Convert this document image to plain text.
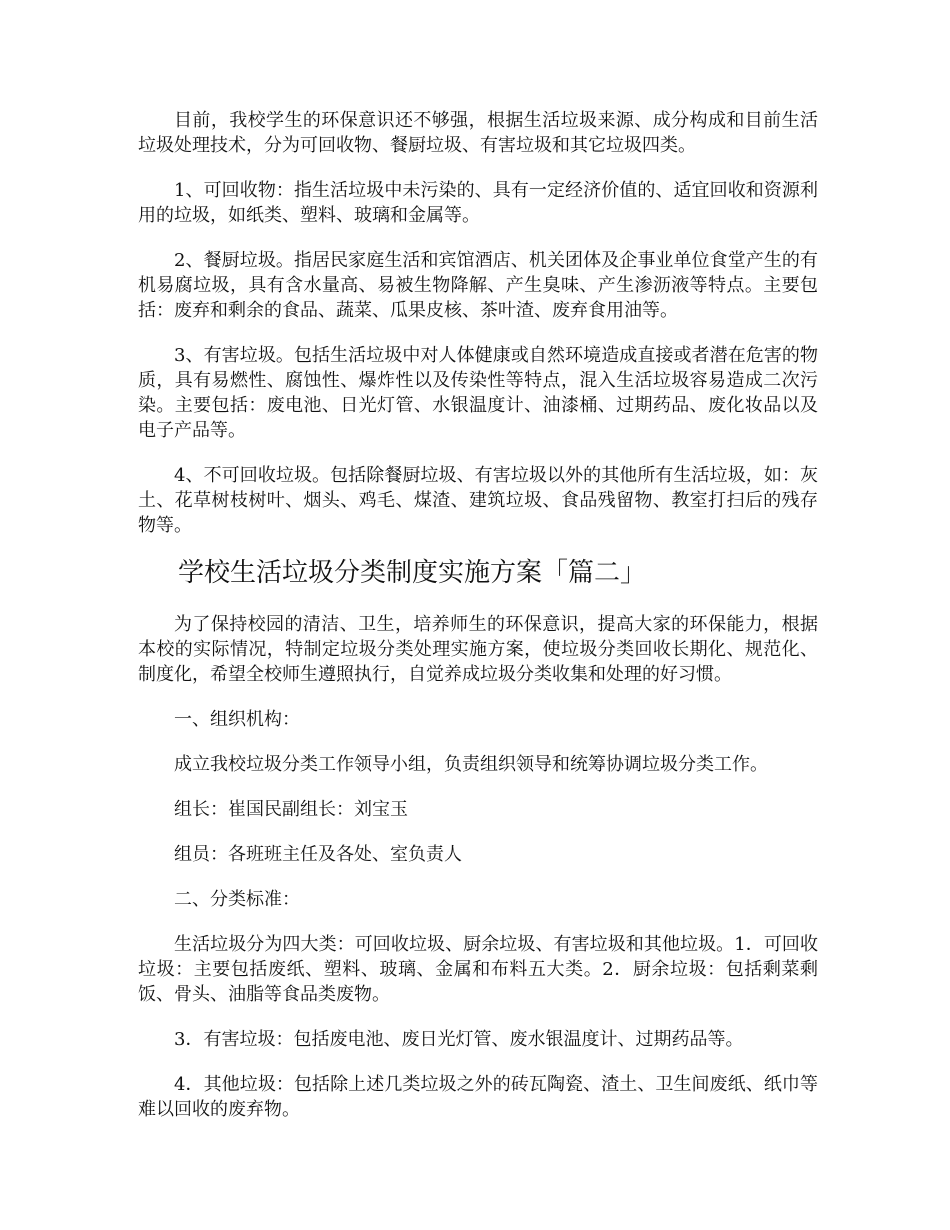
目前，我校学生的环保意识还不够强，根据生活垃圾来源、成分构成和目前生活垃圾处理技术，分为可回收物、餐厨垃圾、有害垃圾和其它垃圾四类。

1、可回收物：指生活垃圾中未污染的、具有一定经济价值的、适宜回收和资源利用的垃圾，如纸类、塑料、玻璃和金属等。

2、餐厨垃圾。指居民家庭生活和宾馆酒店、机关团体及企事业单位食堂产生的有机易腐垃圾，具有含水量高、易被生物降解、产生臭味、产生渗沥液等特点。主要包括：废弃和剩余的食品、蔬菜、瓜果皮核、茶叶渣、废弃食用油等。

3、有害垃圾。包括生活垃圾中对人体健康或自然环境造成直接或者潜在危害的物质，具有易燃性、腐蚀性、爆炸性以及传染性等特点，混入生活垃圾容易造成二次污染。主要包括：废电池、日光灯管、水银温度计、油漆桶、过期药品、废化妆品以及电子产品等。

4、不可回收垃圾。包括除餐厨垃圾、有害垃圾以外的其他所有生活垃圾，如：灰土、花草树枝树叶、烟头、鸡毛、煤渣、建筑垃圾、食品残留物、教室打扫后的残存物等。

学校生活垃圾分类制度实施方案「篇二」

为了保持校园的清洁、卫生，培养师生的环保意识，提高大家的环保能力，根据本校的实际情况，特制定垃圾分类处理实施方案，使垃圾分类回收长期化、规范化、制度化，希望全校师生遵照执行，自觉养成垃圾分类收集和处理的好习惯。

一、组织机构：

成立我校垃圾分类工作领导小组，负责组织领导和统筹协调垃圾分类工作。

组长：崔国民副组长：刘宝玉

组员：各班班主任及各处、室负责人

二、分类标准：

生活垃圾分为四大类：可回收垃圾、厨余垃圾、有害垃圾和其他垃圾。1．可回收垃圾：主要包括废纸、塑料、玻璃、金属和布料五大类。2．厨余垃圾：包括剩菜剩饭、骨头、油脂等食品类废物。

3．有害垃圾：包括废电池、废日光灯管、废水银温度计、过期药品等。

4．其他垃圾：包括除上述几类垃圾之外的砖瓦陶瓷、渣土、卫生间废纸、纸巾等难以回收的废弃物。
